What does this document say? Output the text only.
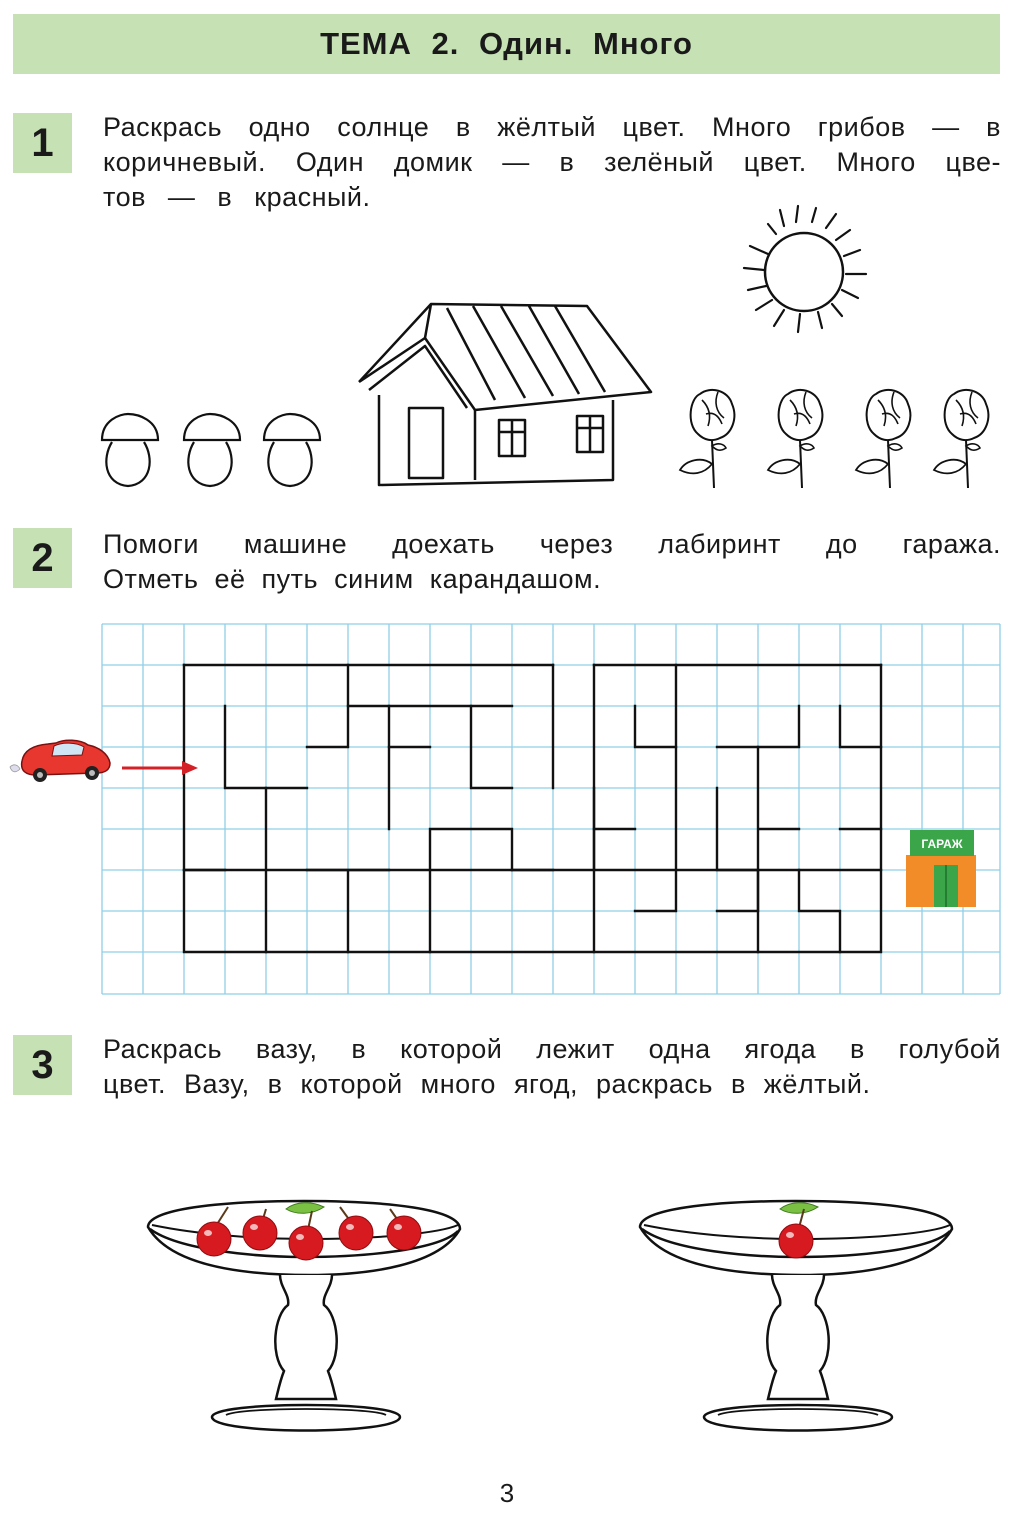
ТЕМА 2. Один. Много
1	Раскрась одно солнце в жёлтый цвет. Много грибов — в
коричневый. Один домик — в зелёный цвет. Много цве-
тов — в красный.
2	Помоги машине доехать через лабиринт до гаража.
Отметь её путь синим карандашом.
ГАРАЖ
3	Раскрась вазу, в которой лежит одна ягода в голубой
цвет. Вазу, в которой много ягод, раскрась в жёлтый.
3
